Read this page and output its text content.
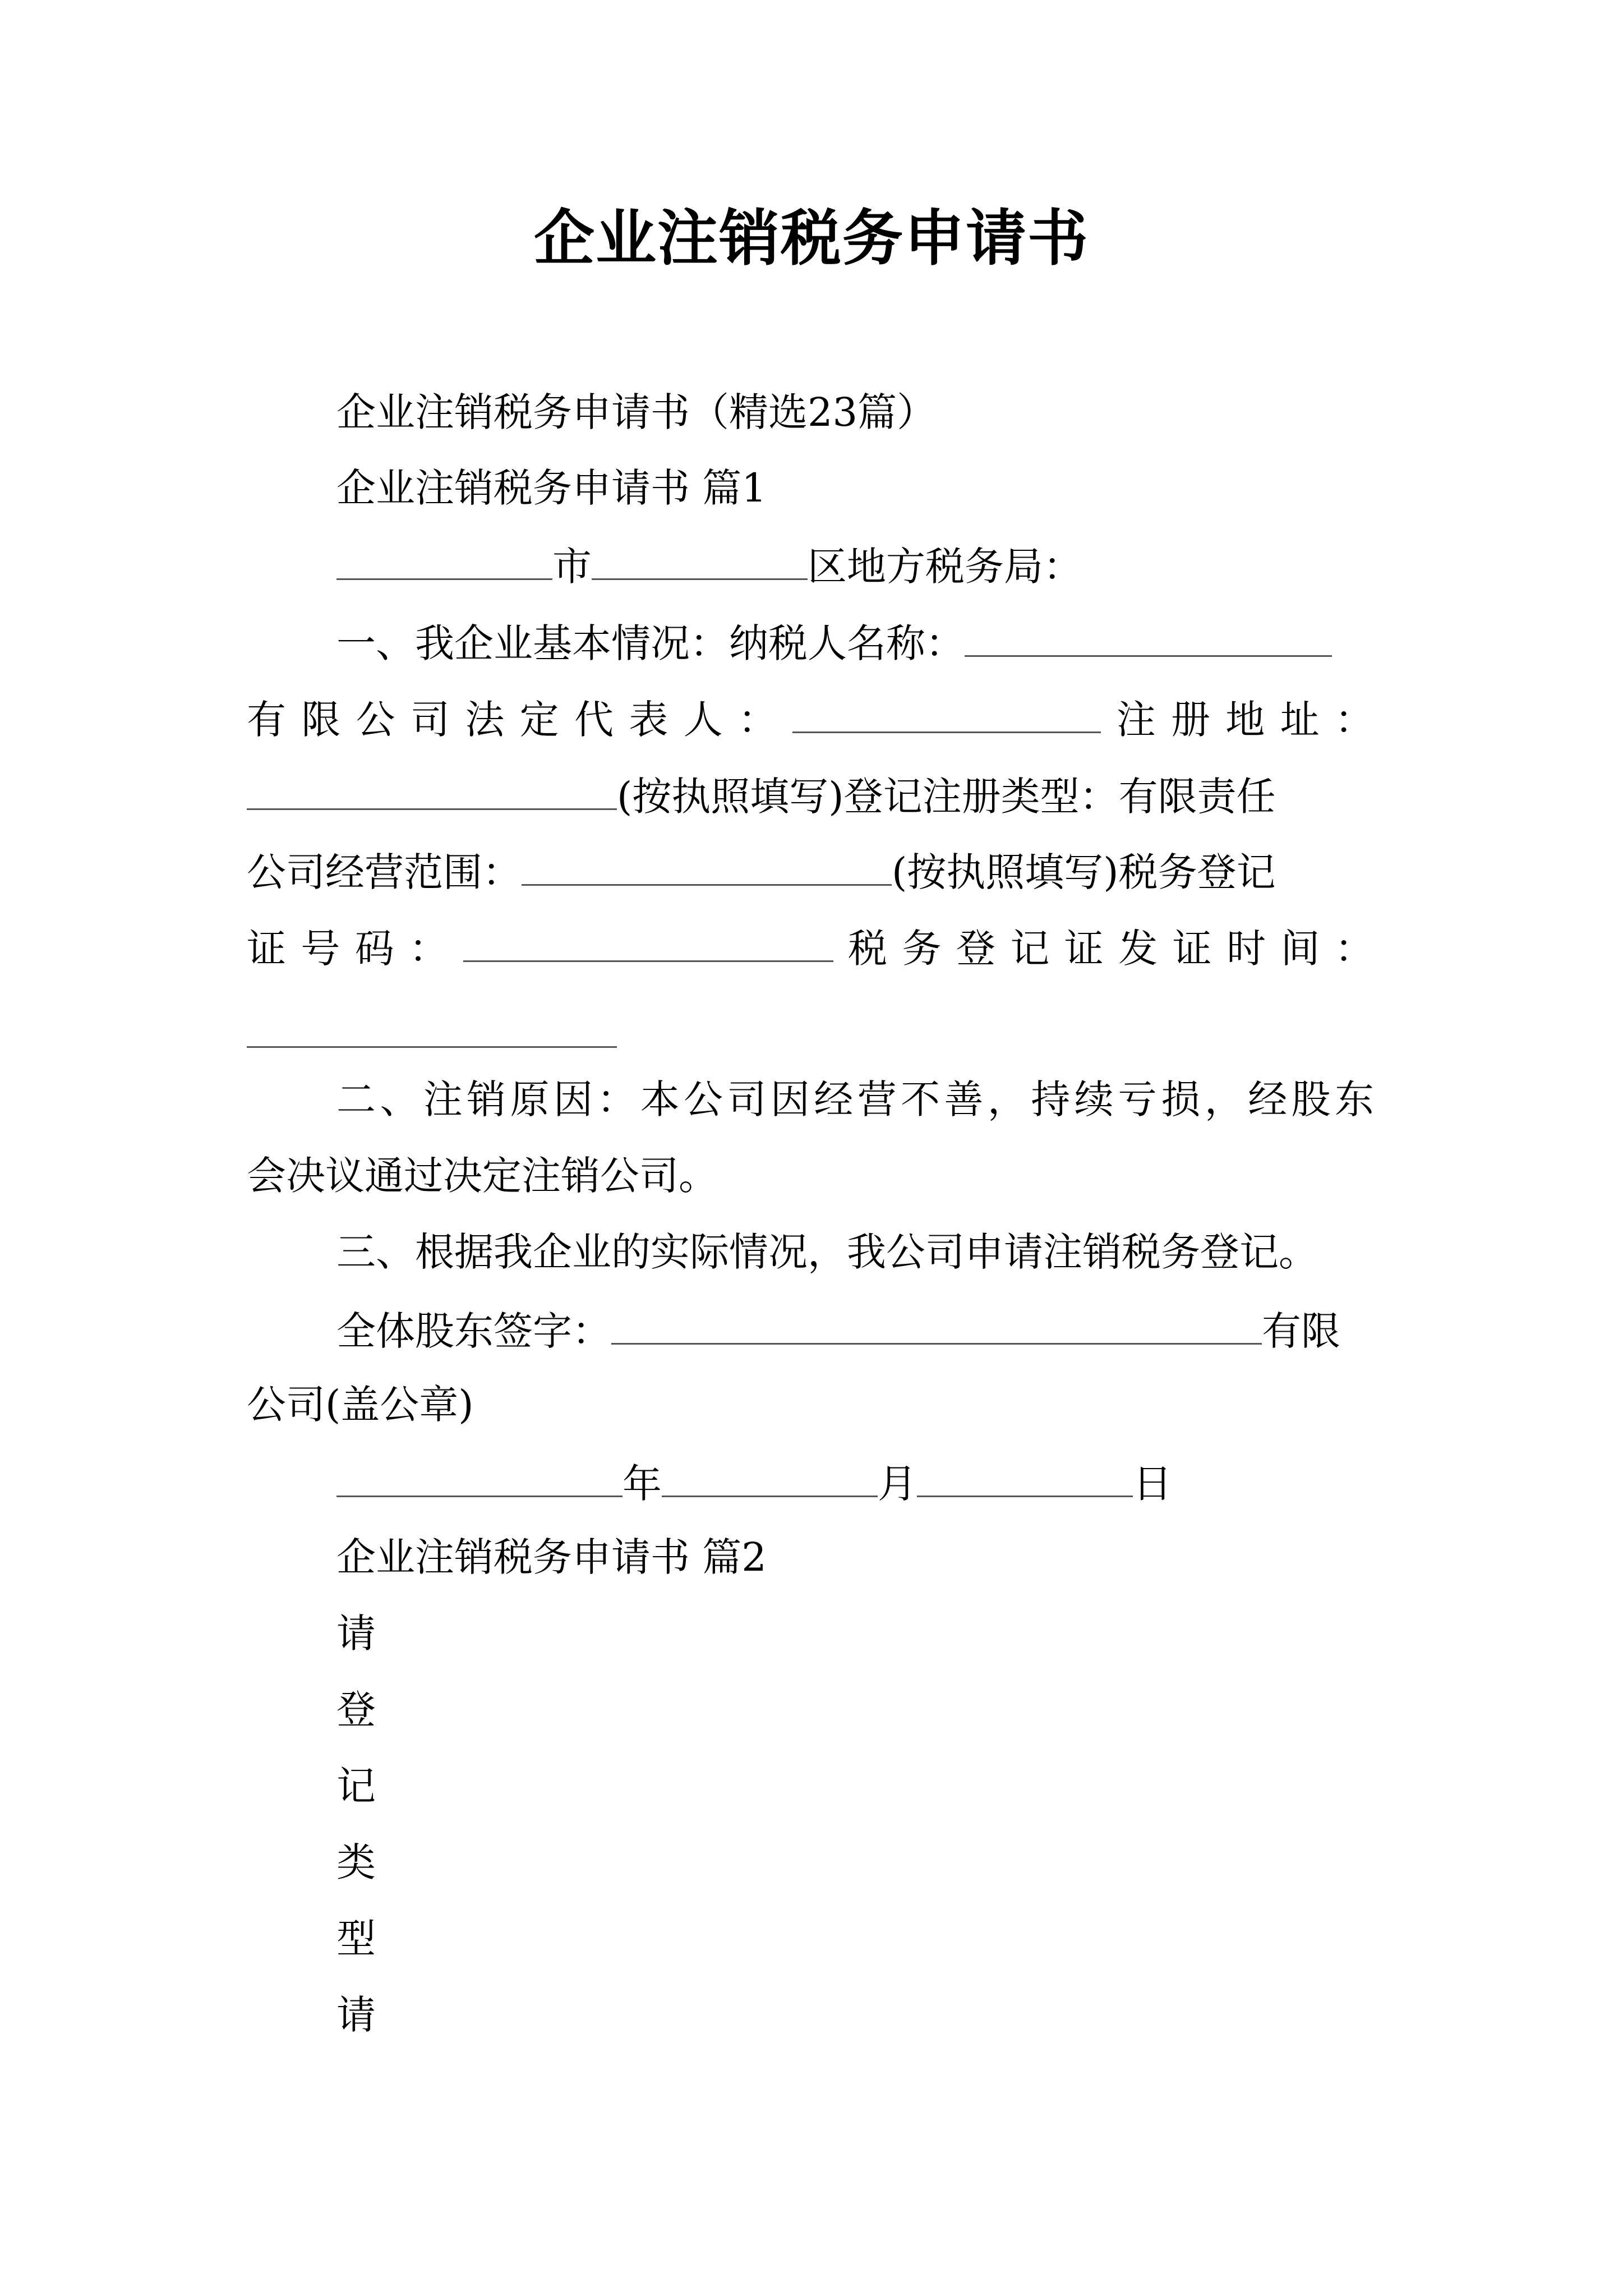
企业注销税务申请书
企业注销税务申请书（精选23篇）
企业注销税务申请书 篇1
市	区地方税务局：
一、我企业基本情况：纳税人名称：
有 限 公 司 法 定 代 表 人 ：	注 册 地 址 ：
(按执照填写)登记注册类型：有限责任
公司经营范围：	(按执照填写)税务登记
证 号 码 ：	税 务 登 记 证 发 证 时 间 ：
二 、 注 销 原 因 ： 本 公 司 因 经 营 不 善 ， 持 续 亏 损 ， 经 股 东
会决议通过决定注销公司。
三、根据我企业的实际情况，我公司申请注销税务登记。
全体股东签字：	有限
公司(盖公章)
年	月	日
企业注销税务申请书 篇2
请
登
记
类
型
请
